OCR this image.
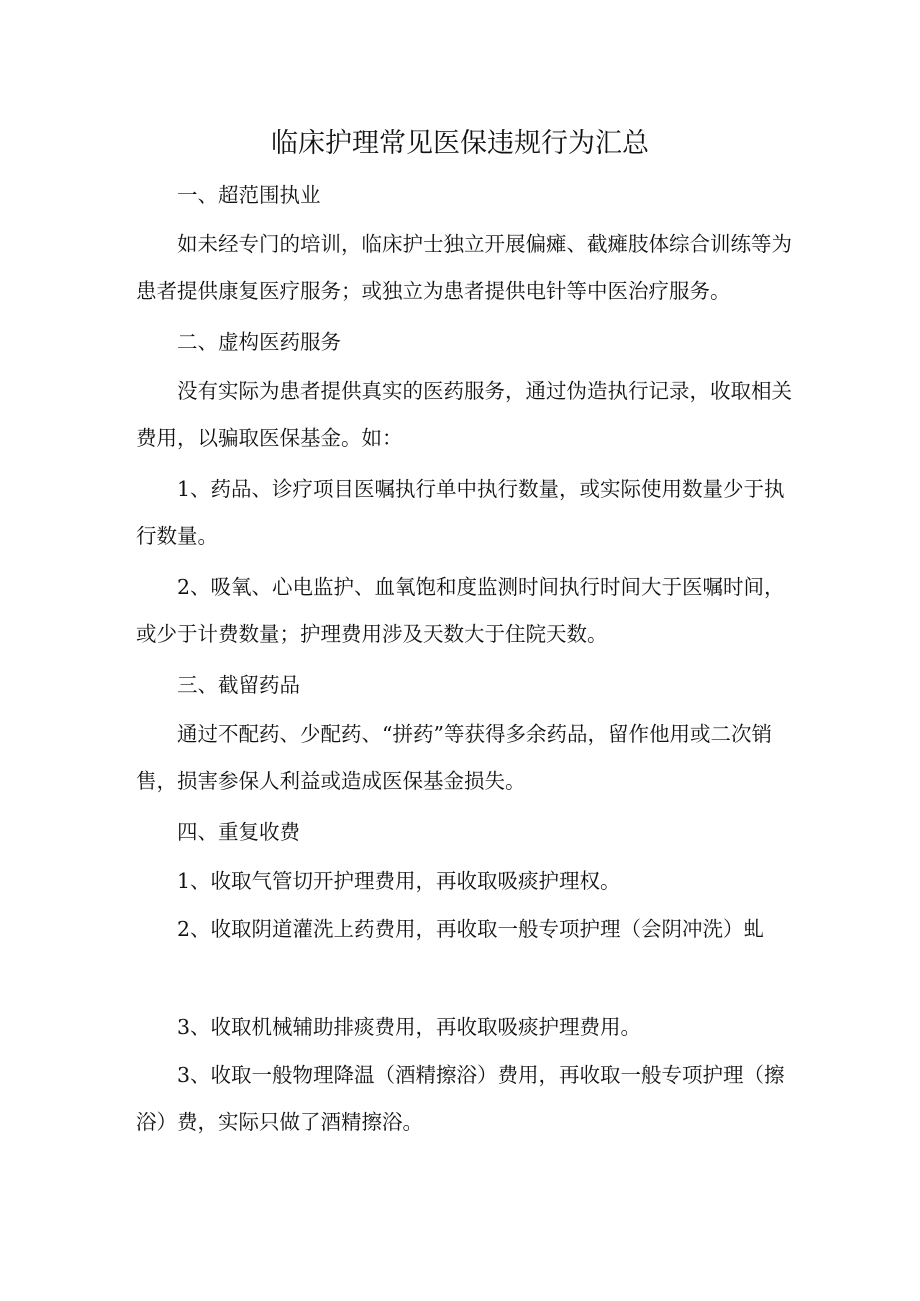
临床护理常见医保违规行为汇总
一、超范围执业

如未经专门的培训，临床护士独立开展偏瘫、截瘫肢体综合训练等为患者提供康复医疗服务；或独立为患者提供电针等中医治疗服务。

二、虚构医药服务

没有实际为患者提供真实的医药服务，通过伪造执行记录，收取相关费用，以骗取医保基金。如：

1、药品、诊疗项目医嘱执行单中执行数量，或实际使用数量少于执行数量。

2、吸氧、心电监护、血氧饱和度监测时间执行时间大于医嘱时间，或少于计费数量；护理费用涉及天数大于住院天数。

三、截留药品

通过不配药、少配药、“拼药”等获得多余药品，留作他用或二次销售，损害参保人利益或造成医保基金损失。

四、重复收费

1、收取气管切开护理费用，再收取吸痰护理权。

2、收取阴道灌洗上药费用，再收取一般专项护理（会阴冲洗）虬

3、收取机械辅助排痰费用，再收取吸痰护理费用。

3、收取一般物理降温（酒精擦浴）费用，再收取一般专项护理（擦浴）费，实际只做了酒精擦浴。
